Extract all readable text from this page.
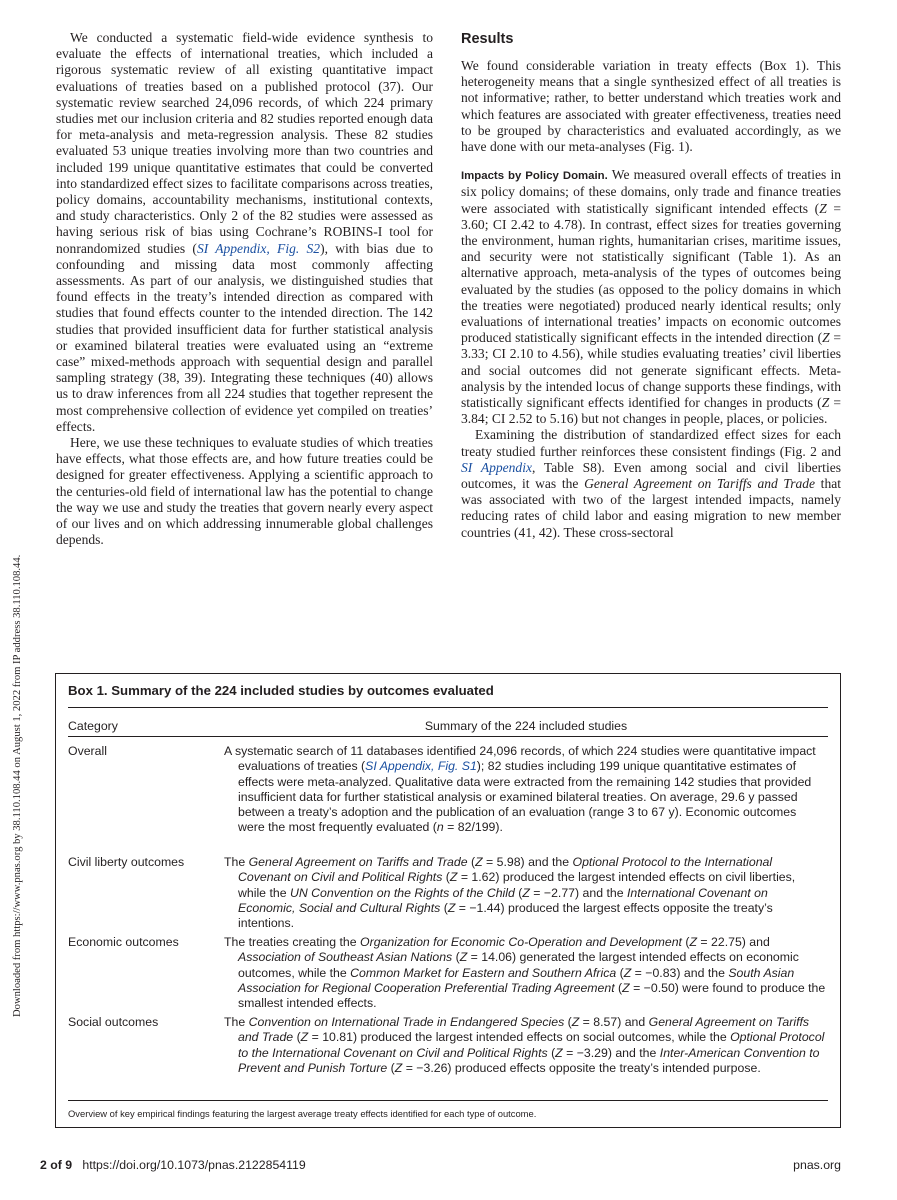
Downloaded from https://www.pnas.org by 38.110.108.44 on August 1, 2022 from IP address 38.110.108.44.

We conducted a systematic field-wide evidence synthesis to evaluate the effects of international treaties, which included a rigorous systematic review of all existing quantitative impact evaluations of treaties based on a published protocol (37). Our systematic review searched 24,096 records, of which 224 primary studies met our inclusion criteria and 82 studies reported enough data for meta-analysis and meta-regression analysis. These 82 studies evaluated 53 unique treaties involving more than two countries and included 199 unique quantitative estimates that could be converted into standardized effect sizes to facilitate comparisons across treaties, policy domains, accountability mechanisms, institutional contexts, and study characteristics. Only 2 of the 82 studies were assessed as having serious risk of bias using Cochrane’s ROBINS-I tool for nonrandomized studies (SI Appendix, Fig. S2), with bias due to confounding and missing data most commonly affecting assessments. As part of our analysis, we distinguished studies that found effects in the treaty’s intended direction as compared with studies that found effects counter to the intended direction. The 142 studies that provided insufficient data for further statistical analysis or examined bilateral treaties were evaluated using an “extreme case” mixed-methods approach with sequential design and parallel sampling strategy (38, 39). Integrating these techniques (40) allows us to draw inferences from all 224 studies that together represent the most comprehensive collection of evidence yet compiled on treaties’ effects.

Here, we use these techniques to evaluate studies of which treaties have effects, what those effects are, and how future treaties could be designed for greater effectiveness. Applying a scientific approach to the centuries-old field of international law has the potential to change the way we use and study the treaties that govern nearly every aspect of our lives and on which addressing innumerable global challenges depends.

Results

We found considerable variation in treaty effects (Box 1). This heterogeneity means that a single synthesized effect of all treaties is not informative; rather, to better understand which treaties work and which features are associated with greater effectiveness, treaties need to be grouped by characteristics and evaluated accordingly, as we have done with our meta-analyses (Fig. 1).

Impacts by Policy Domain. We measured overall effects of treaties in six policy domains; of these domains, only trade and finance treaties were associated with statistically significant intended effects (Z = 3.60; CI 2.42 to 4.78). In contrast, effect sizes for treaties governing the environment, human rights, humanitarian crises, maritime issues, and security were not statistically significant (Table 1). As an alternative approach, meta-analysis of the types of outcomes being evaluated by the studies (as opposed to the policy domains in which the treaties were negotiated) produced nearly identical results; only evaluations of international treaties’ impacts on economic outcomes produced statistically significant effects in the intended direction (Z = 3.33; CI 2.10 to 4.56), while studies evaluating treaties’ civil liberties and social outcomes did not generate significant effects. Meta-analysis by the intended locus of change supports these findings, with statistically significant effects identified for changes in products (Z = 3.84; CI 2.52 to 5.16) but not changes in people, places, or policies.

Examining the distribution of standardized effect sizes for each treaty studied further reinforces these consistent findings (Fig. 2 and SI Appendix, Table S8). Even among social and civil liberties outcomes, it was the General Agreement on Tariffs and Trade that was associated with two of the largest intended impacts, namely reducing rates of child labor and easing migration to new member countries (41, 42). These cross-sectoral

Box 1. Summary of the 224 included studies by outcomes evaluated
Category	Summary of the 224 included studies
Overall	A systematic search of 11 databases identified 24,096 records, of which 224 studies were quantitative impact evaluations of treaties (SI Appendix, Fig. S1); 82 studies including 199 unique quantitative estimates of effects were meta-analyzed. Qualitative data were extracted from the remaining 142 studies that provided insufficient data for further statistical analysis or examined bilateral treaties. On average, 29.6 y passed between a treaty’s adoption and the publication of an evaluation (range 3 to 67 y). Economic outcomes were the most frequently evaluated (n = 82/199).
Civil liberty outcomes	The General Agreement on Tariffs and Trade (Z = 5.98) and the Optional Protocol to the International Covenant on Civil and Political Rights (Z = 1.62) produced the largest intended effects on civil liberties, while the UN Convention on the Rights of the Child (Z = −2.77) and the International Covenant on Economic, Social and Cultural Rights (Z = −1.44) produced the largest effects opposite the treaty’s intentions.
Economic outcomes	The treaties creating the Organization for Economic Co-Operation and Development (Z = 22.75) and Association of Southeast Asian Nations (Z = 14.06) generated the largest intended effects on economic outcomes, while the Common Market for Eastern and Southern Africa (Z = −0.83) and the South Asian Association for Regional Cooperation Preferential Trading Agreement (Z = −0.50) were found to produce the smallest intended effects.
Social outcomes	The Convention on International Trade in Endangered Species (Z = 8.57) and General Agreement on Tariffs and Trade (Z = 10.81) produced the largest intended effects on social outcomes, while the Optional Protocol to the International Covenant on Civil and Political Rights (Z = −3.29) and the Inter-American Convention to Prevent and Punish Torture (Z = −3.26) produced effects opposite the treaty’s intended purpose.
Overview of key empirical findings featuring the largest average treaty effects identified for each type of outcome.
2 of 9 https://doi.org/10.1073/pnas.2122854119	pnas.org
